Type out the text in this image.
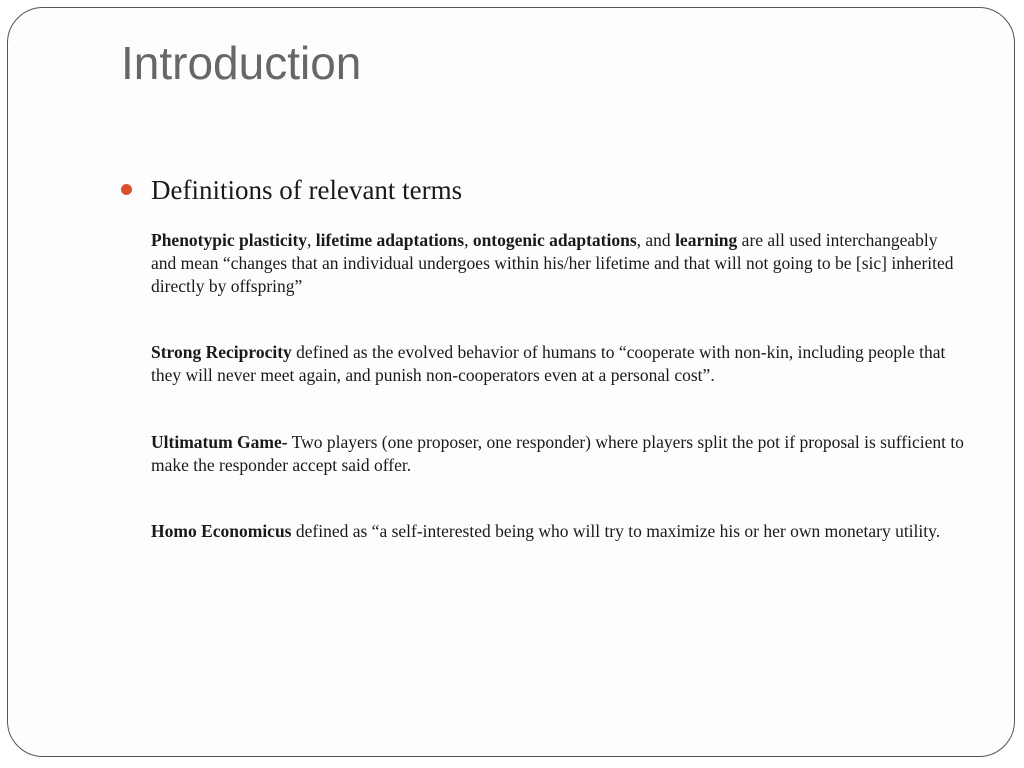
Introduction
Definitions of relevant terms

Phenotypic plasticity, lifetime adaptations, ontogenic adaptations, and learning are all used interchangeably and mean “changes that an individual undergoes within his/her lifetime and that will not going to be [sic] inherited directly by offspring”

Strong Reciprocity defined as the evolved behavior of humans to “cooperate with non-kin, including people that they will never meet again, and punish non-cooperators even at a personal cost”.

Ultimatum Game- Two players (one proposer, one responder) where players split the pot if proposal is sufficient to make the responder accept said offer.

Homo Economicus defined as “a self-interested being who will try to maximize his or her own monetary utility.
